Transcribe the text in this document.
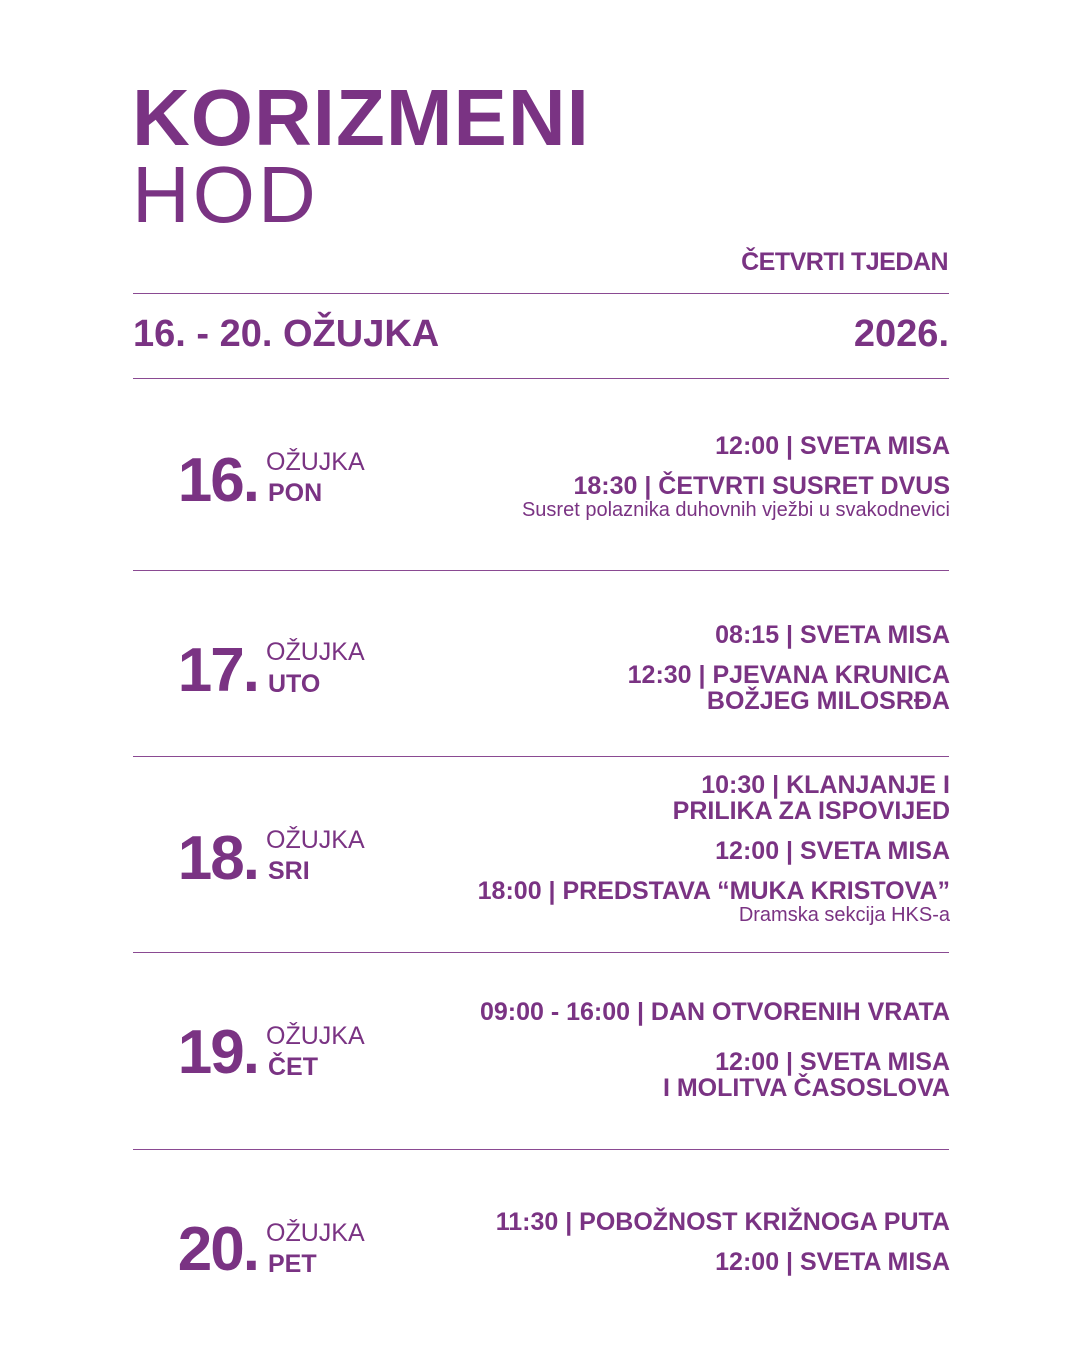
KORIZMENI
HOD
ČETVRTI TJEDAN
16. - 20. OŽUJKA	2026.
16. OŽUJKA
PON
12:00 | SVETA MISA
18:30 | ČETVRTI SUSRET DVUS
Susret polaznika duhovnih vježbi u svakodnevici
17. OŽUJKA
UTO
08:15 | SVETA MISA
12:30 | PJEVANA KRUNICA
BOŽJEG MILOSRĐA
18. OŽUJKA
SRI
10:30 | KLANJANJE I
PRILIKA ZA ISPOVIJED
12:00 | SVETA MISA
18:00 | PREDSTAVA “MUKA KRISTOVA”
Dramska sekcija HKS-a
19. OŽUJKA
ČET
09:00 - 16:00 | DAN OTVORENIH VRATA
12:00 | SVETA MISA
I MOLITVA ČASOSLOVA
20. OŽUJKA
PET
11:30 | POBOŽNOST KRIŽNOGA PUTA
12:00 | SVETA MISA
